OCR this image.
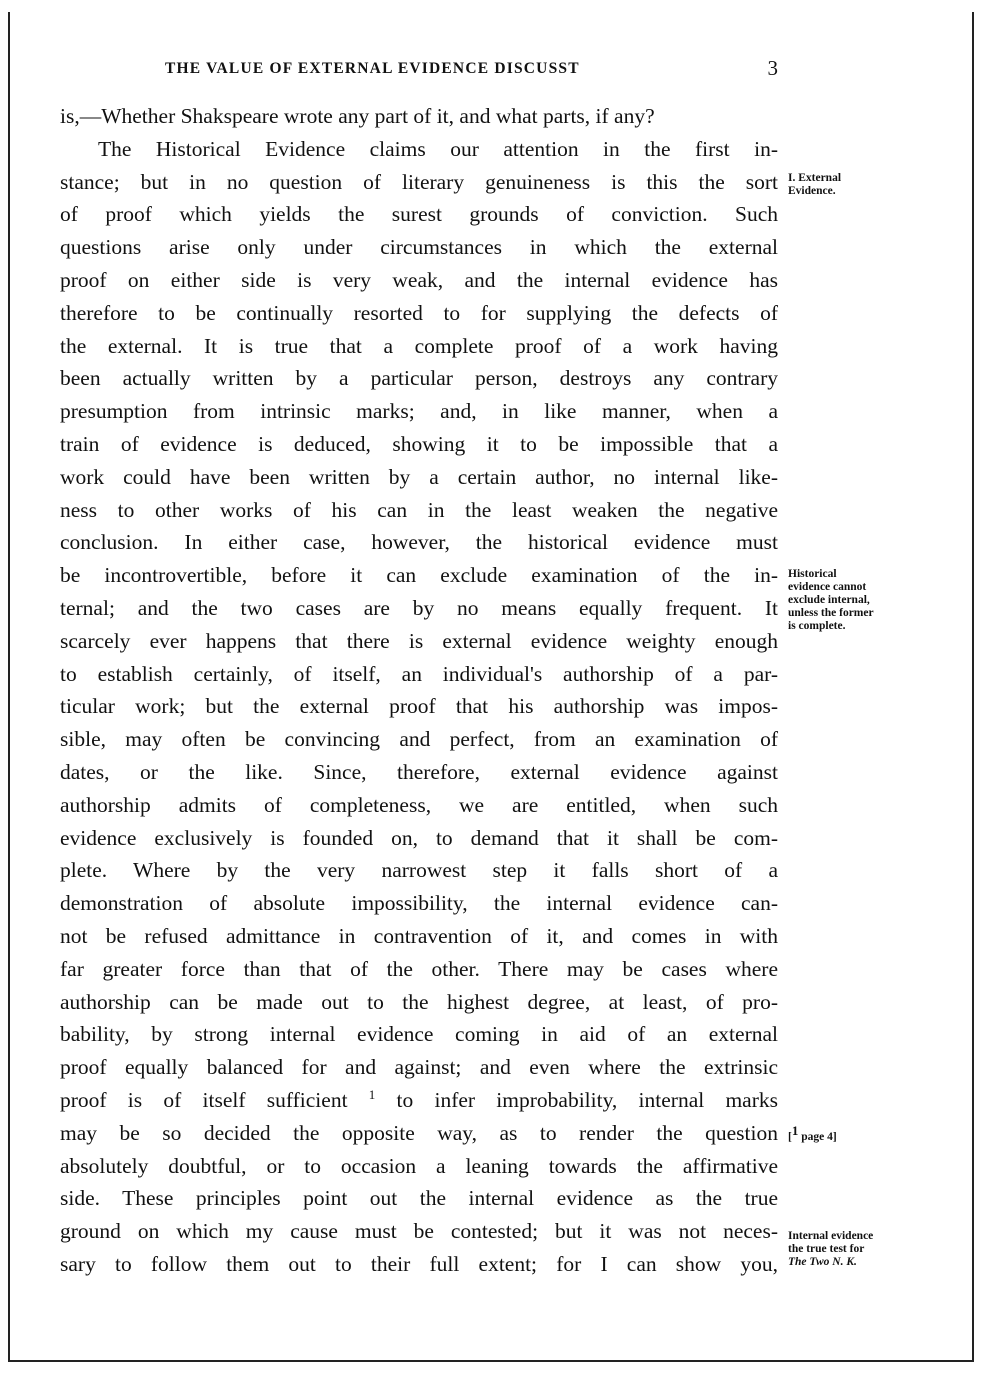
THE VALUE OF EXTERNAL EVIDENCE DISCUSST	3
is,—Whether Shakspeare wrote any part of it, and what parts, if any?
The Historical Evidence claims our attention in the first in-
stance; but in no question of literary genuineness is this the sort
of proof which yields the surest grounds of conviction. Such
questions arise only under circumstances in which the external
proof on either side is very weak, and the internal evidence has
therefore to be continually resorted to for supplying the defects of
the external. It is true that a complete proof of a work having
been actually written by a particular person, destroys any contrary
presumption from intrinsic marks; and, in like manner, when a
train of evidence is deduced, showing it to be impossible that a
work could have been written by a certain author, no internal like-
ness to other works of his can in the least weaken the negative
conclusion. In either case, however, the historical evidence must
be incontrovertible, before it can exclude examination of the in-
ternal; and the two cases are by no means equally frequent. It
scarcely ever happens that there is external evidence weighty enough
to establish certainly, of itself, an individual's authorship of a par-
ticular work; but the external proof that his authorship was impos-
sible, may often be convincing and perfect, from an examination of
dates, or the like. Since, therefore, external evidence against
authorship admits of completeness, we are entitled, when such
evidence exclusively is founded on, to demand that it shall be com-
plete. Where by the very narrowest step it falls short of a
demonstration of absolute impossibility, the internal evidence can-
not be refused admittance in contravention of it, and comes in with
far greater force than that of the other. There may be cases where
authorship can be made out to the highest degree, at least, of pro-
bability, by strong internal evidence coming in aid of an external
proof equally balanced for and against; and even where the extrinsic
proof is of itself sufficient $^1$ to infer improbability, internal marks
may be so decided the opposite way, as to render the question
absolutely doubtful, or to occasion a leaning towards the affirmative
side. These principles point out the internal evidence as the true
ground on which my cause must be contested; but it was not neces-
sary to follow them out to their full extent; for I can show you,
I. External
Evidence.
Historical
evidence cannot
exclude internal,
unless the former
is complete.
[1 page 4]
Internal evidence
the true test for
The Two N. K.
